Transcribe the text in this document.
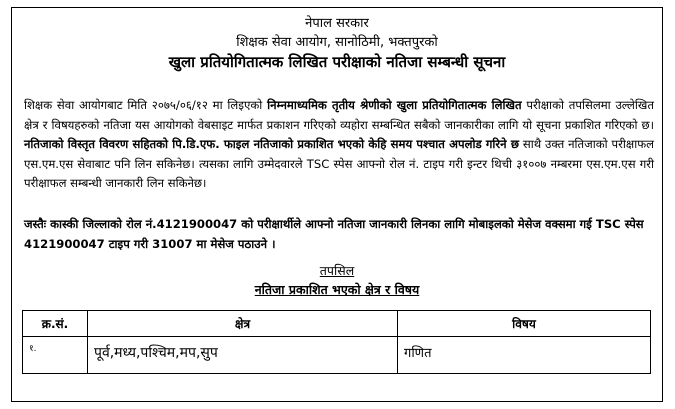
नेपाल सरकार
शिक्षक सेवा आयोग, सानोठिमी, भक्तपुरको
खुला प्रतियोगितात्मक लिखित परीक्षाको नतिजा सम्बन्धी सूचना
शिक्षक सेवा आयोगबाट मिति २०७५/०६/१२ मा लिइएको निम्नमाध्यमिक तृतीय श्रेणीको खुला प्रतियोगितात्मक लिखित परीक्षाको तपसिलमा उल्लेखित क्षेत्र र विषयहरुको नतिजा यस आयोगको वेबसाइट मार्फत प्रकाशन गरिएको व्यहोरा सम्बन्धित सबैको जानकारीका लागि यो सूचना प्रकाशित गरिएको छ। नतिजाको विस्तृत विवरण सहितको पि.डि.एफ. फाइल नतिजाको प्रकाशित भएको केहि समय पश्चात अपलोड गरिने छ साथै उक्त नतिजाको परीक्षाफल एस.एम.एस सेवाबाट पनि लिन सकिनेछ। त्यसका लागि उम्मेदवारले TSC स्पेस आफ्नो रोल नं. टाइप गरी इन्टर थिची ३१००७ नम्बरमा एस.एम.एस गरी परीक्षाफल सम्बन्धी जानकारी लिन सकिनेछ।
जस्तैः कास्की जिल्लाको रोल नं.4121900047 को परीक्षार्थीले आफ्नो नतिजा जानकारी लिनका लागि मोबाइलको मेसेज वक्समा गई TSC स्पेस 4121900047 टाइप गरी 31007 मा मेसेज पठाउने ।
तपसिल
नतिजा प्रकाशित भएको क्षेत्र र विषय
क्र.सं.	क्षेत्र	विषय
१.	पूर्व,मध्य,पश्चिम,मप,सुप	गणित
